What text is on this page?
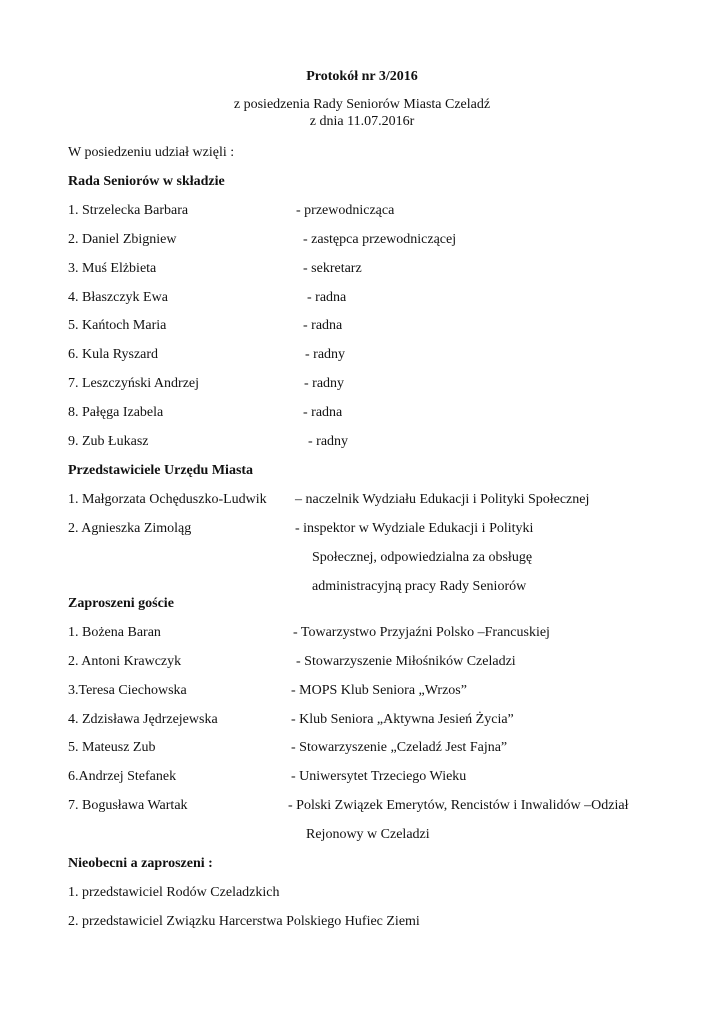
Protokół nr 3/2016
z posiedzenia Rady Seniorów Miasta Czeladź
z dnia 11.07.2016r
W posiedzeniu udział wzięli :
Rada Seniorów w składzie
1. Strzelecka Barbara	- przewodnicząca
2. Daniel Zbigniew	- zastępca przewodniczącej
3. Muś Elżbieta	- sekretarz
4. Błaszczyk Ewa	- radna
5. Kańtoch Maria	- radna
6. Kula Ryszard	- radny
7. Leszczyński Andrzej	- radny
8. Pałęga Izabela	- radna
9. Zub Łukasz	- radny
Przedstawiciele Urzędu Miasta
1. Małgorzata Ochęduszko-Ludwik – naczelnik Wydziału Edukacji i Polityki Społecznej
2. Agnieszka Zimoląg	- inspektor w Wydziale Edukacji i Polityki
Społecznej, odpowiedzialna za obsługę
administracyjną pracy Rady Seniorów
Zaproszeni goście
1. Bożena Baran	- Towarzystwo Przyjaźni Polsko –Francuskiej
2. Antoni Krawczyk	- Stowarzyszenie Miłośników Czeladzi
3.Teresa Ciechowska	- MOPS Klub Seniora „Wrzos”
4. Zdzisława Jędrzejewska	- Klub Seniora „Aktywna Jesień Życia”
5. Mateusz Zub	- Stowarzyszenie „Czeladź Jest Fajna”
6.Andrzej Stefanek	- Uniwersytet Trzeciego Wieku
7. Bogusława Wartak	- Polski Związek Emerytów, Rencistów i Inwalidów –Odział
Rejonowy w Czeladzi
Nieobecni a zaproszeni :
1. przedstawiciel Rodów Czeladzkich
2. przedstawiciel Związku Harcerstwa Polskiego Hufiec Ziemi
